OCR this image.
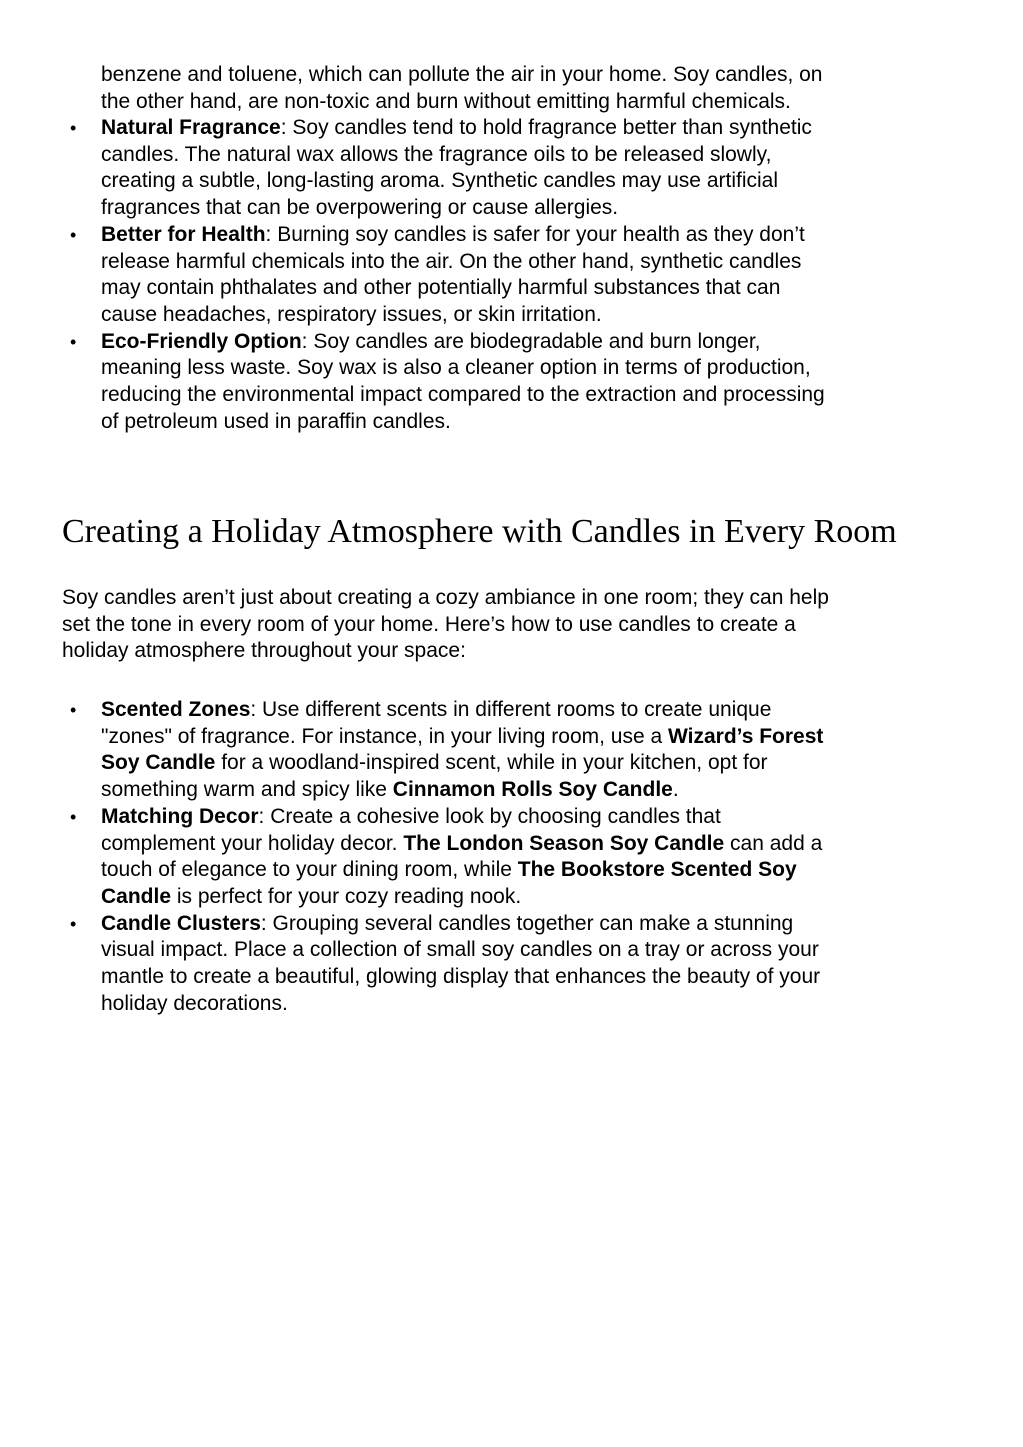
benzene and toluene, which can pollute the air in your home. Soy candles, on
the other hand, are non-toxic and burn without emitting harmful chemicals.
• Natural Fragrance: Soy candles tend to hold fragrance better than synthetic
candles. The natural wax allows the fragrance oils to be released slowly,
creating a subtle, long-lasting aroma. Synthetic candles may use artificial
fragrances that can be overpowering or cause allergies.
• Better for Health: Burning soy candles is safer for your health as they don’t
release harmful chemicals into the air. On the other hand, synthetic candles
may contain phthalates and other potentially harmful substances that can
cause headaches, respiratory issues, or skin irritation.
• Eco-Friendly Option: Soy candles are biodegradable and burn longer,
meaning less waste. Soy wax is also a cleaner option in terms of production,
reducing the environmental impact compared to the extraction and processing
of petroleum used in paraffin candles.
Creating a Holiday Atmosphere with Candles in Every Room
Soy candles aren’t just about creating a cozy ambiance in one room; they can help
set the tone in every room of your home. Here’s how to use candles to create a
holiday atmosphere throughout your space:
• Scented Zones: Use different scents in different rooms to create unique
"zones" of fragrance. For instance, in your living room, use a Wizard’s Forest
Soy Candle for a woodland-inspired scent, while in your kitchen, opt for
something warm and spicy like Cinnamon Rolls Soy Candle.
• Matching Decor: Create a cohesive look by choosing candles that
complement your holiday decor. The London Season Soy Candle can add a
touch of elegance to your dining room, while The Bookstore Scented Soy
Candle is perfect for your cozy reading nook.
• Candle Clusters: Grouping several candles together can make a stunning
visual impact. Place a collection of small soy candles on a tray or across your
mantle to create a beautiful, glowing display that enhances the beauty of your
holiday decorations.
